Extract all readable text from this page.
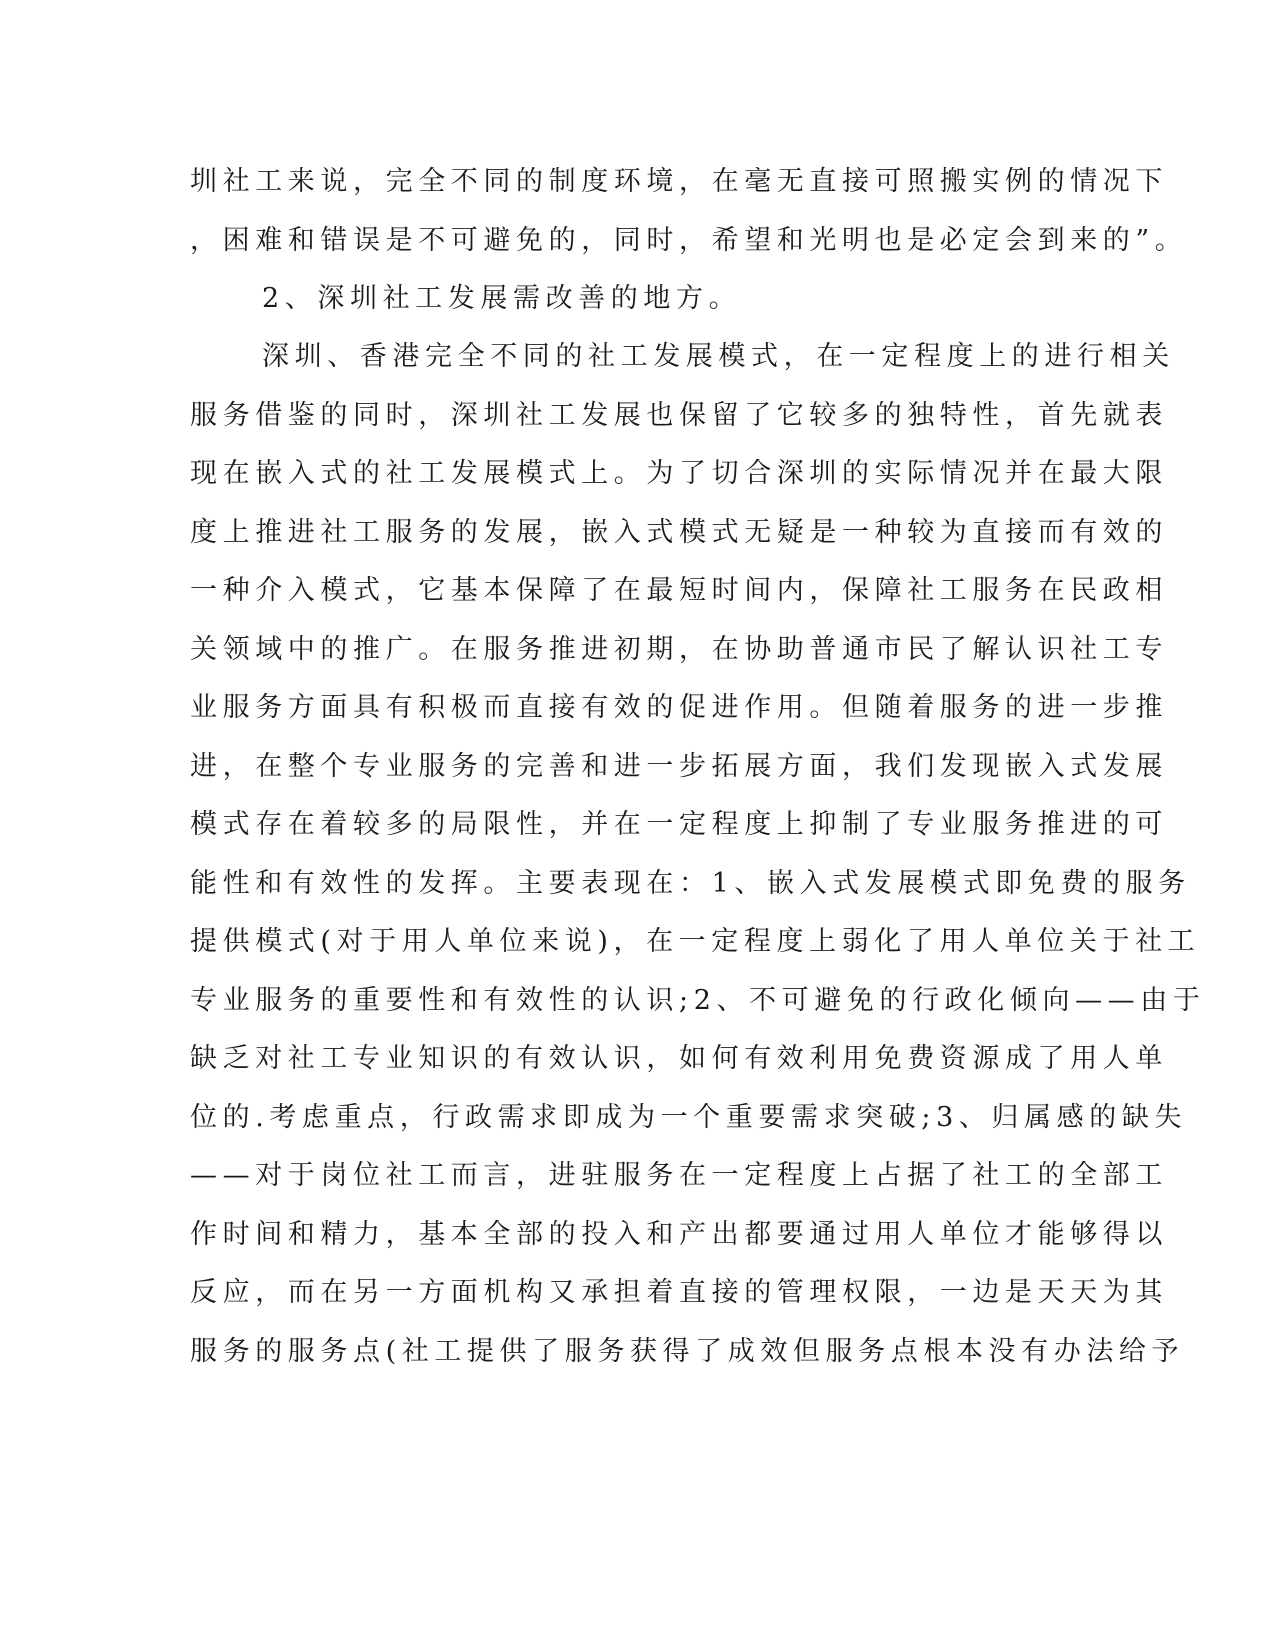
圳社工来说，完全不同的制度环境，在毫无直接可照搬实例的情况下
，困难和错误是不可避免的，同时，希望和光明也是必定会到来的”。
2、深圳社工发展需改善的地方。
深圳、香港完全不同的社工发展模式，在一定程度上的进行相关
服务借鉴的同时，深圳社工发展也保留了它较多的独特性，首先就表
现在嵌入式的社工发展模式上。为了切合深圳的实际情况并在最大限
度上推进社工服务的发展，嵌入式模式无疑是一种较为直接而有效的
一种介入模式，它基本保障了在最短时间内，保障社工服务在民政相
关领域中的推广。在服务推进初期，在协助普通市民了解认识社工专
业服务方面具有积极而直接有效的促进作用。但随着服务的进一步推
进，在整个专业服务的完善和进一步拓展方面，我们发现嵌入式发展
模式存在着较多的局限性，并在一定程度上抑制了专业服务推进的可
能性和有效性的发挥。主要表现在：1、嵌入式发展模式即免费的服务
提供模式(对于用人单位来说)，在一定程度上弱化了用人单位关于社工
专业服务的重要性和有效性的认识;2、不可避免的行政化倾向——由于
缺乏对社工专业知识的有效认识，如何有效利用免费资源成了用人单
位的.考虑重点，行政需求即成为一个重要需求突破;3、归属感的缺失
——对于岗位社工而言，进驻服务在一定程度上占据了社工的全部工
作时间和精力，基本全部的投入和产出都要通过用人单位才能够得以
反应，而在另一方面机构又承担着直接的管理权限，一边是天天为其
服务的服务点(社工提供了服务获得了成效但服务点根本没有办法给予
